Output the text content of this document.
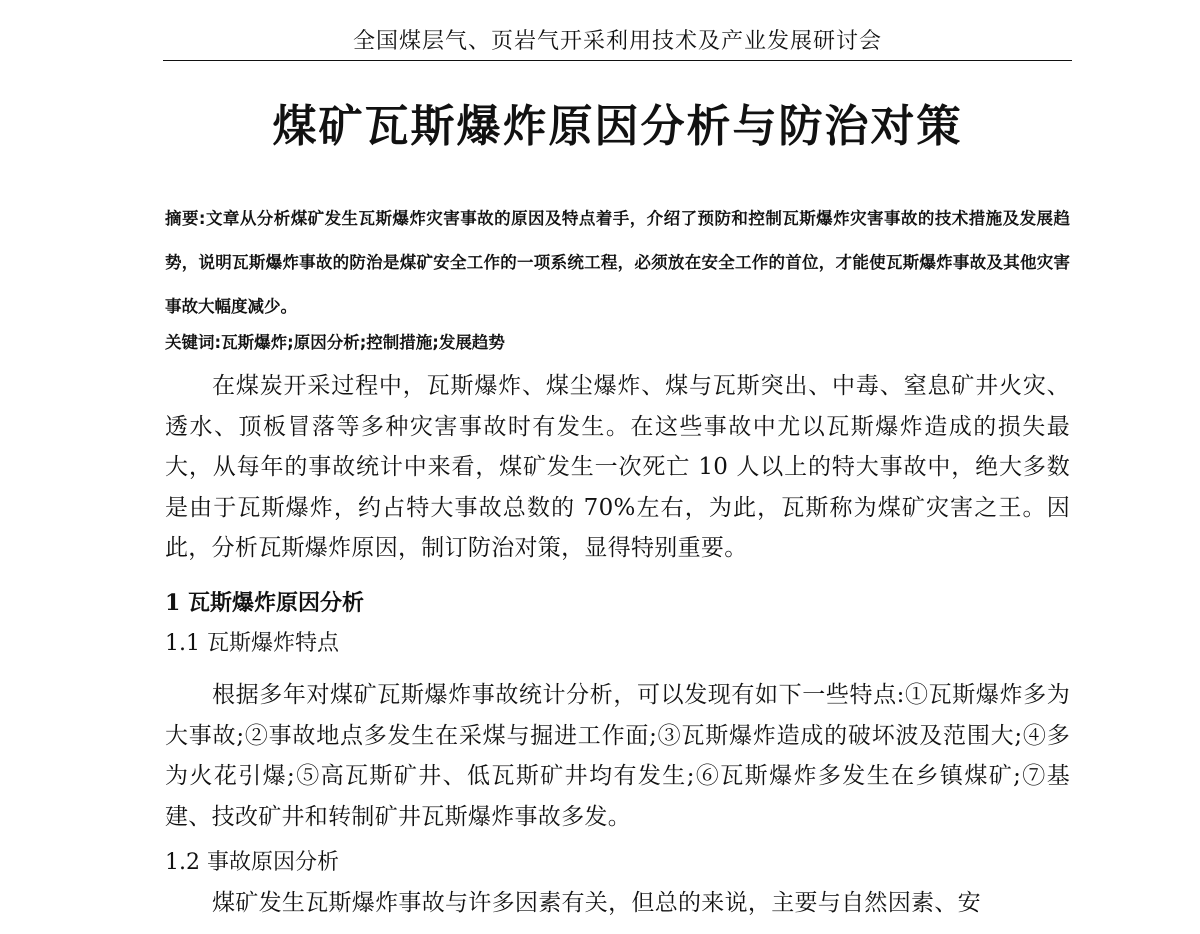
全国煤层气、页岩气开采利用技术及产业发展研讨会
煤矿瓦斯爆炸原因分析与防治对策
摘要:文章从分析煤矿发生瓦斯爆炸灾害事故的原因及特点着手，介绍了预防和控制瓦斯爆炸灾害事故的技术措施及发展趋势，说明瓦斯爆炸事故的防治是煤矿安全工作的一项系统工程，必须放在安全工作的首位，才能使瓦斯爆炸事故及其他灾害事故大幅度减少。
关键词:瓦斯爆炸;原因分析;控制措施;发展趋势
在煤炭开采过程中，瓦斯爆炸、煤尘爆炸、煤与瓦斯突出、中毒、窒息矿井火灾、透水、顶板冒落等多种灾害事故时有发生。在这些事故中尤以瓦斯爆炸造成的损失最大，从每年的事故统计中来看，煤矿发生一次死亡 10 人以上的特大事故中，绝大多数是由于瓦斯爆炸，约占特大事故总数的 70%左右，为此，瓦斯称为煤矿灾害之王。因此，分析瓦斯爆炸原因，制订防治对策，显得特别重要。
1 瓦斯爆炸原因分析
1.1 瓦斯爆炸特点
根据多年对煤矿瓦斯爆炸事故统计分析，可以发现有如下一些特点:①瓦斯爆炸多为大事故;②事故地点多发生在采煤与掘进工作面;③瓦斯爆炸造成的破坏波及范围大;④多为火花引爆;⑤高瓦斯矿井、低瓦斯矿井均有发生;⑥瓦斯爆炸多发生在乡镇煤矿;⑦基建、技改矿井和转制矿井瓦斯爆炸事故多发。
1.2 事故原因分析
煤矿发生瓦斯爆炸事故与许多因素有关，但总的来说，主要与自然因素、安
